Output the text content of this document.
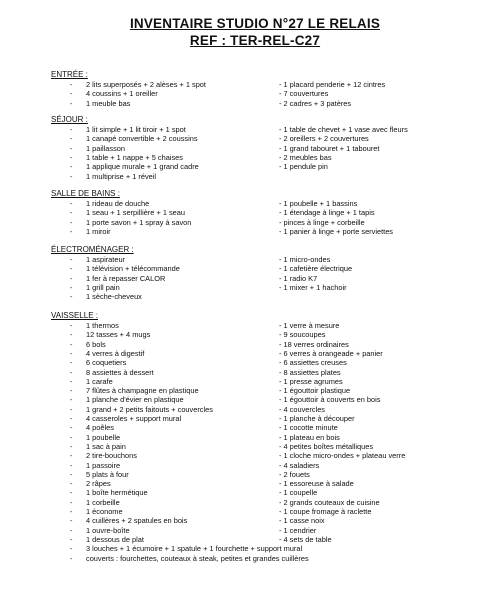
INVENTAIRE STUDIO N°27 LE RELAIS
REF : TER-REL-C27
ENTRÉE :
- 2 lits superposés + 2 alèses + 1 spot	- 1 placard penderie + 12 cintres
- 4 coussins + 1 oreiller	- 7 couvertures
- 1 meuble bas	- 2 cadres + 3 patères
SÉJOUR :
- 1 lit simple + 1 lit tiroir + 1 spot	- 1 table de chevet + 1 vase avec fleurs
- 1 canapé convertible + 2 coussins	- 2 oreillers + 2 couvertures
- 1 paillasson	- 1 grand tabouret + 1 tabouret
- 1 table + 1 nappe + 5 chaises	- 2 meubles bas
- 1 applique murale + 1 grand cadre	- 1 pendule pin
- 1 multiprise + 1 réveil
SALLE DE BAINS :
- 1 rideau de douche	- 1 poubelle + 1 bassins
- 1 seau + 1 serpillière + 1 seau	- 1 étendage à linge + 1 tapis
- 1 porte savon + 1 spray à savon	- pinces à linge + corbeille
- 1 miroir	- 1 panier à linge + porte serviettes
ÉLECTROMÉNAGER :
- 1 aspirateur	- 1 micro-ondes
- 1 télévision + télécommande	- 1 cafetière électrique
- 1 fer à repasser CALOR	- 1 radio K7
- 1 grill pain	- 1 mixer + 1 hachoir
- 1 sèche-cheveux
VAISSELLE :
- 1 thermos	- 1 verre à mesure
- 12 tasses + 4 mugs	- 9 soucoupes
- 6 bols	- 18 verres ordinaires
- 4 verres à digestif	- 6 verres à orangeade + panier
- 6 coquetiers	- 6 assiettes creuses
- 8 assiettes à dessert	- 8 assiettes plates
- 1 carafe	- 1 presse agrumes
- 7 flûtes à champagne en plastique	- 1 égouttoir plastique
- 1 planche d'évier en plastique	- 1 égouttoir à couverts en bois
- 1 grand + 2 petits faitouts + couvercles	- 4 couvercles
- 4 casseroles + support mural	- 1 planche à découper
- 4 poêles	- 1 cocotte minute
- 1 poubelle	- 1 plateau en bois
- 1 sac à pain	- 4 petites boîtes métalliques
- 2 tire-bouchons	- 1 cloche micro-ondes + plateau verre
- 1 passoire	- 4 saladiers
- 5 plats à four	- 2 fouets
- 2 râpes	- 1 essoreuse à salade
- 1 boîte hermétique	- 1 coupelle
- 1 corbeille	- 2 grands couteaux de cuisine
- 1 économe	- 1 coupe fromage à raclette
- 4 cuillères + 2 spatules en bois	- 1 casse noix
- 1 ouvre-boîte	- 1 cendrier
- 1 dessous de plat	- 4 sets de table
- 3 louches + 1 écumoire + 1 spatule + 1 fourchette + support mural
- couverts : fourchettes, couteaux à steak, petites et grandes cuillères
